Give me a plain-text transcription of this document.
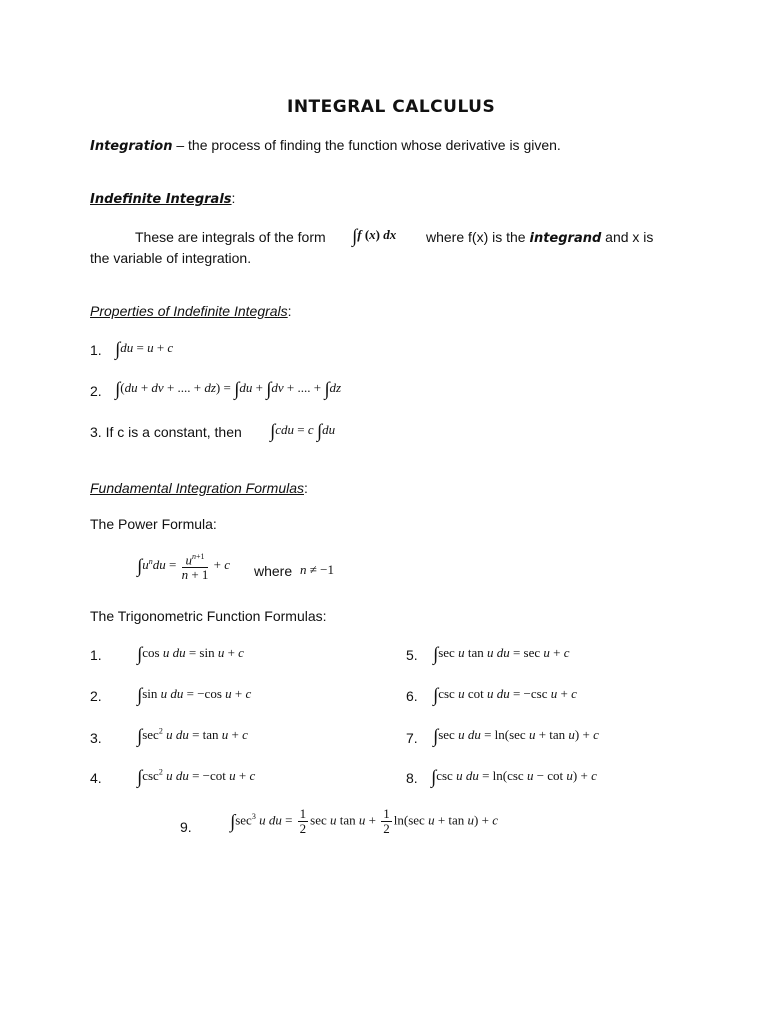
INTEGRAL CALCULUS
Integration – the process of finding the function whose derivative is given.
Indefinite Integrals:
These are integrals of the form ∫f (x) dx where f(x) is the integrand and x is
the variable of integration.
Properties of Indefinite Integrals:
1. ∫du = u + c
2. ∫(du + dv + .... + dz) = ∫du + ∫dv + .... + ∫dz
3. If c is a constant, then ∫cdu = c ∫du
Fundamental Integration Formulas:
The Power Formula:
$\int u^ndu = \frac{u^{n+1}}{n + 1} + c$ where n ≠ −1
The Trigonometric Function Formulas:
1. ∫cos u du = sin u + c
2. ∫sin u du = −cos u + c
3. $\int\sec^2$ u du = tan u + c
4. $\int\csc^2$ u du = −cot u + c
5. ∫sec u tan u du = sec u + c
6. ∫csc u cot u du = −csc u + c
7. ∫sec u du = ln(sec u + tan u) + c
8. ∫csc u du = ln(csc u − cot u) + c
9. $\int\sec^3$ u du = $\frac{1}{2}$ sec u $\tan u + \frac{1}{2} \ln(\sec$ u + tan u) + c
